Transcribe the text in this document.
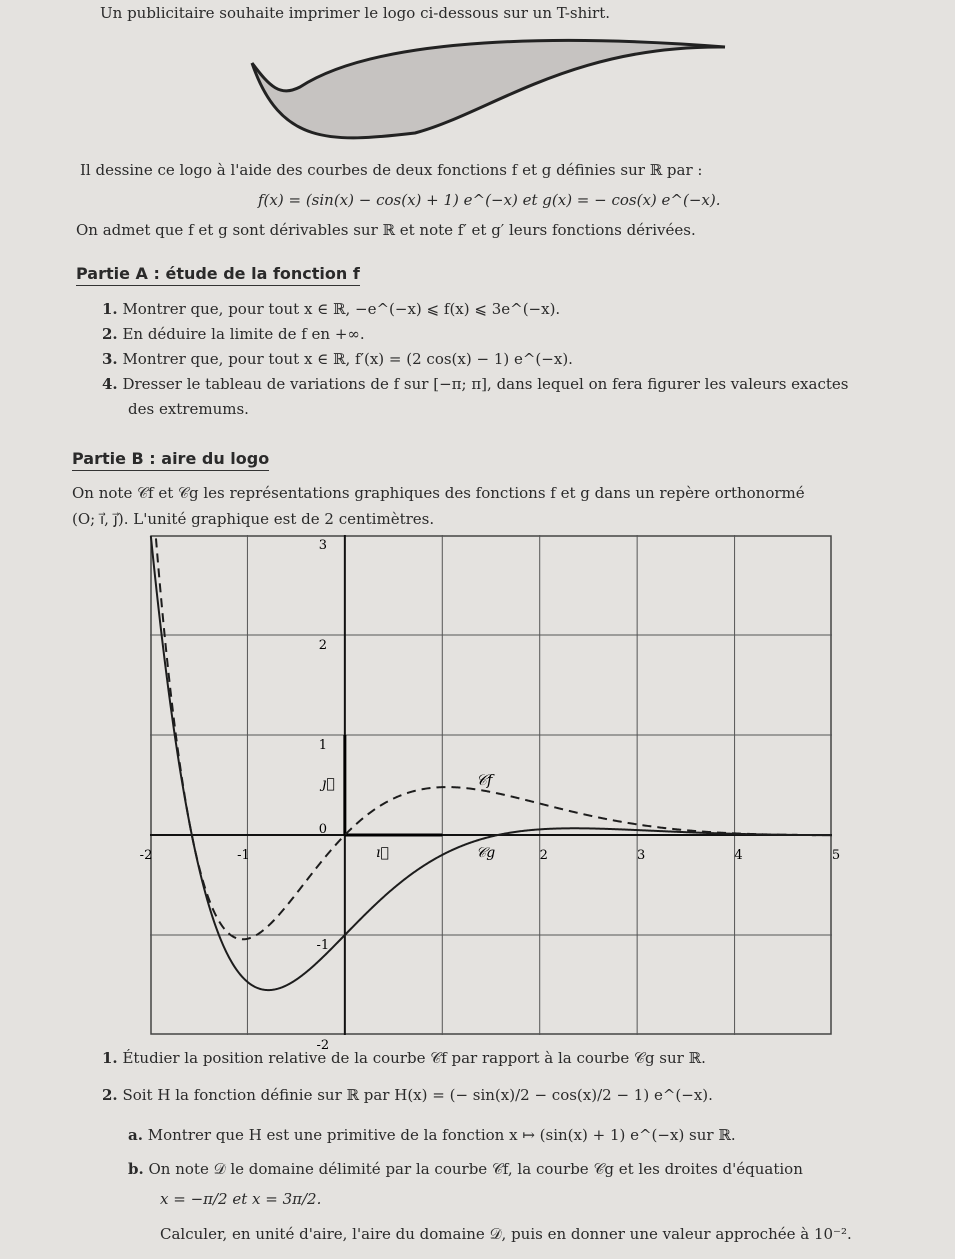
Un publicitaire souhaite imprimer le logo ci-dessous sur un T-shirt.
Il dessine ce logo à l'aide des courbes de deux fonctions f et g définies sur ℝ par :
f(x) = (sin(x) − cos(x) + 1) e^(−x) et g(x) = − cos(x) e^(−x).
On admet que f et g sont dérivables sur ℝ et note f′ et g′ leurs fonctions dérivées.
Partie A : étude de la fonction f
1. Montrer que, pour tout x ∈ ℝ, −e^(−x) ⩽ f(x) ⩽ 3e^(−x).
2. En déduire la limite de f en +∞.
3. Montrer que, pour tout x ∈ ℝ, f′(x) = (2 cos(x) − 1) e^(−x).
4. Dresser le tableau de variations de f sur [−π; π], dans lequel on fera figurer les valeurs exactes
des extremums.
Partie B : aire du logo
On note 𝒞f et 𝒞g les représentations graphiques des fonctions f et g dans un repère orthonormé
(O; i⃗, j⃗). L'unité graphique est de 2 centimètres.
-2	-1	2	3	4	5
3
2
1
0
-1
-2
𝒞f
𝒞g
ı⃗
ȷ⃗
1. Étudier la position relative de la courbe 𝒞f par rapport à la courbe 𝒞g sur ℝ.
2. Soit H la fonction définie sur ℝ par H(x) = (− sin(x)/2 − cos(x)/2 − 1) e^(−x).
a. Montrer que H est une primitive de la fonction x ↦ (sin(x) + 1) e^(−x) sur ℝ.
b. On note 𝒟 le domaine délimité par la courbe 𝒞f, la courbe 𝒞g et les droites d'équation
x = −π/2 et x = 3π/2.
Calculer, en unité d'aire, l'aire du domaine 𝒟, puis en donner une valeur approchée à 10⁻².
